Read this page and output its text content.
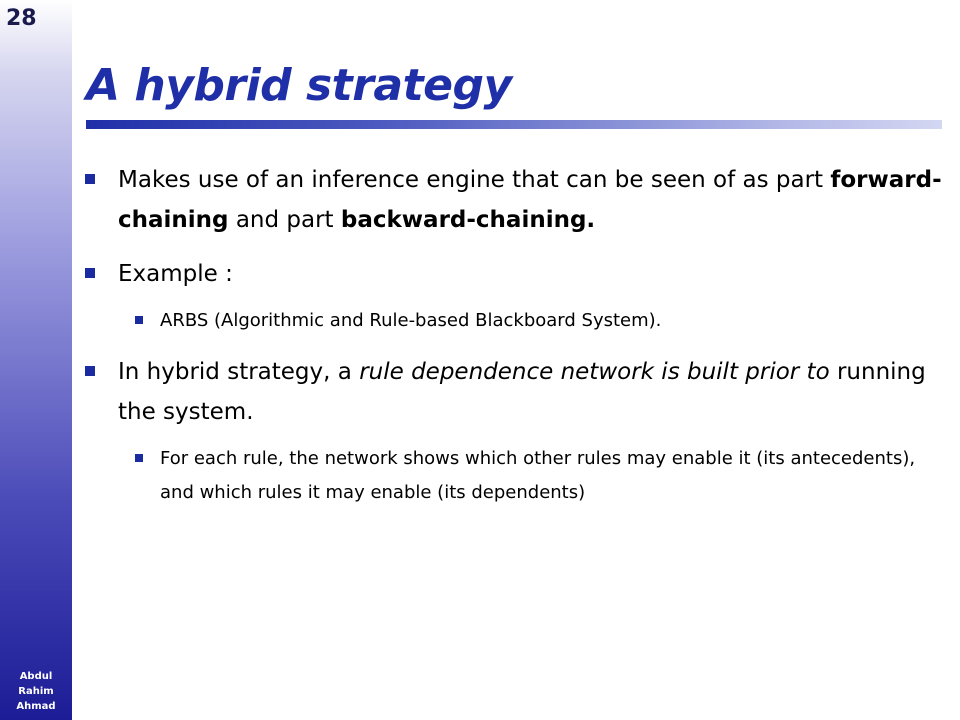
28
Abdul
Rahim
Ahmad
A hybrid strategy
Makes use of an inference engine that can be seen of as part forward-chaining and part backward-chaining.
Example :
ARBS (Algorithmic and Rule-based Blackboard System).
In hybrid strategy, a rule dependence network is built prior to running the system.
For each rule, the network shows which other rules may enable it (its antecedents), and which rules it may enable (its dependents)
